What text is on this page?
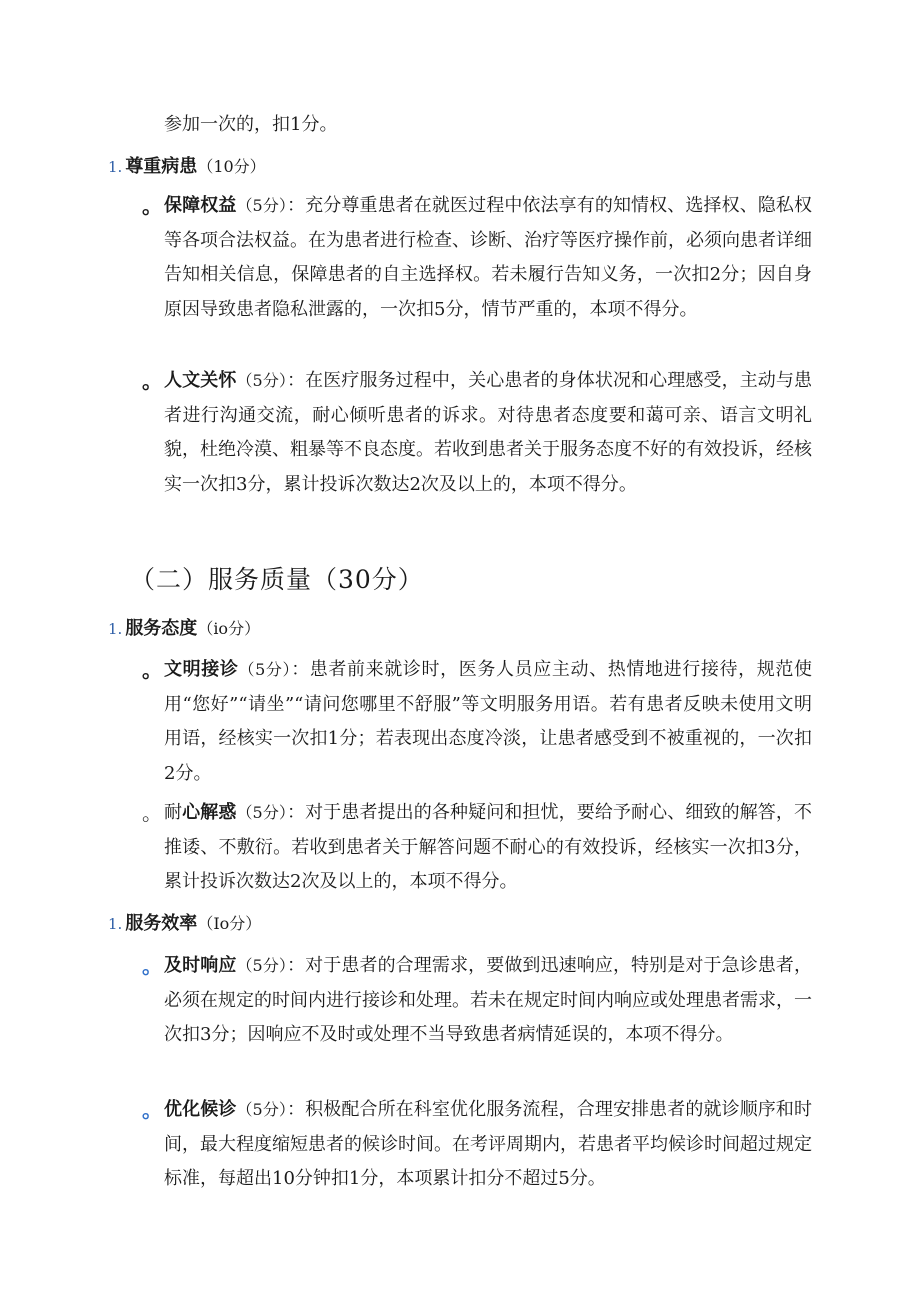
参加一次的，扣1分。
1. 尊重病患（10分）
。 保障权益（5分）：充分尊重患者在就医过程中依法享有的知情权、选择权、隐私权等各项合法权益。在为患者进行检查、诊断、治疗等医疗操作前，必须向患者详细告知相关信息，保障患者的自主选择权。若未履行告知义务，一次扣2分；因自身原因导致患者隐私泄露的，一次扣5分，情节严重的，本项不得分。
。 人文关怀（5分）：在医疗服务过程中，关心患者的身体状况和心理感受，主动与患者进行沟通交流，耐心倾听患者的诉求。对待患者态度要和蔼可亲、语言文明礼貌，杜绝冷漠、粗暴等不良态度。若收到患者关于服务态度不好的有效投诉，经核实一次扣3分，累计投诉次数达2次及以上的，本项不得分。
（二）服务质量（30分）
1. 服务态度（io分）
。 文明接诊（5分）：患者前来就诊时，医务人员应主动、热情地进行接待，规范使用“您好”“请坐”“请问您哪里不舒服”等文明服务用语。若有患者反映未使用文明用语，经核实一次扣1分；若表现出态度冷淡，让患者感受到不被重视的，一次扣2分。
。 耐心解惑（5分）：对于患者提出的各种疑问和担忧，要给予耐心、细致的解答，不推诿、不敷衍。若收到患者关于解答问题不耐心的有效投诉，经核实一次扣3分，累计投诉次数达2次及以上的，本项不得分。
1. 服务效率（Io分）
。 及时响应（5分）：对于患者的合理需求，要做到迅速响应，特别是对于急诊患者，必须在规定的时间内进行接诊和处理。若未在规定时间内响应或处理患者需求，一次扣3分；因响应不及时或处理不当导致患者病情延误的，本项不得分。
。 优化候诊（5分）：积极配合所在科室优化服务流程，合理安排患者的就诊顺序和时间，最大程度缩短患者的候诊时间。在考评周期内，若患者平均候诊时间超过规定标准，每超出10分钟扣1分，本项累计扣分不超过5分。
